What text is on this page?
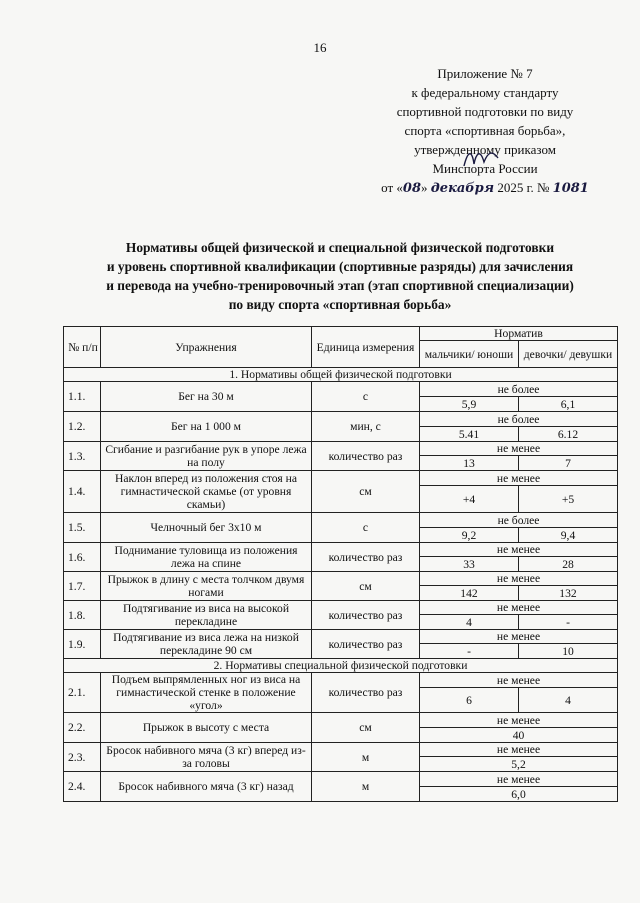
16
Приложение № 7
к федеральному стандарту
спортивной подготовки по виду
спорта «спортивная борьба»,
утвержденному приказом
Минспорта России
от «08» декабря 2025 г. № 1081
Нормативы общей физической и специальной физической подготовки
и уровень спортивной квалификации (спортивные разряды) для зачисления
и перевода на учебно-тренировочный этап (этап спортивной специализации)
по виду спорта «спортивная борьба»
№ п/п	Упражнения	Единица измерения	Норматив	
			мальчики/ юноши	девочки/ девушки
1. Нормативы общей физической подготовки				
1.1.	Бег на 30 м	с	не более	
			5,9	6,1
1.2.	Бег на 1 000 м	мин, с	не более	
			5.41	6.12
1.3.	Сгибание и разгибание рук в упоре лежа на полу	количество раз	не менее	
			13	7
1.4.	Наклон вперед из положения стоя на гимнастической скамье (от уровня скамьи)	см	не менее	
			+4	+5
1.5.	Челночный бег 3х10 м	с	не более	
			9,2	9,4
1.6.	Поднимание туловища из положения лежа на спине	количество раз	не менее	
			33	28
1.7.	Прыжок в длину с места толчком двумя ногами	см	не менее	
			142	132
1.8.	Подтягивание из виса на высокой перекладине	количество раз	не менее	
			4	-
1.9.	Подтягивание из виса лежа на низкой перекладине 90 см	количество раз	не менее	
			-	10
2. Нормативы специальной физической подготовки				
2.1.	Подъем выпрямленных ног из виса на гимнастической стенке в положение «угол»	количество раз	не менее	
			6	4
2.2.	Прыжок в высоту с места	см	не менее	
			40	
2.3.	Бросок набивного мяча (3 кг) вперед из-за головы	м	не менее	
			5,2	
2.4.	Бросок набивного мяча (3 кг) назад	м	не менее	
			6,0	
